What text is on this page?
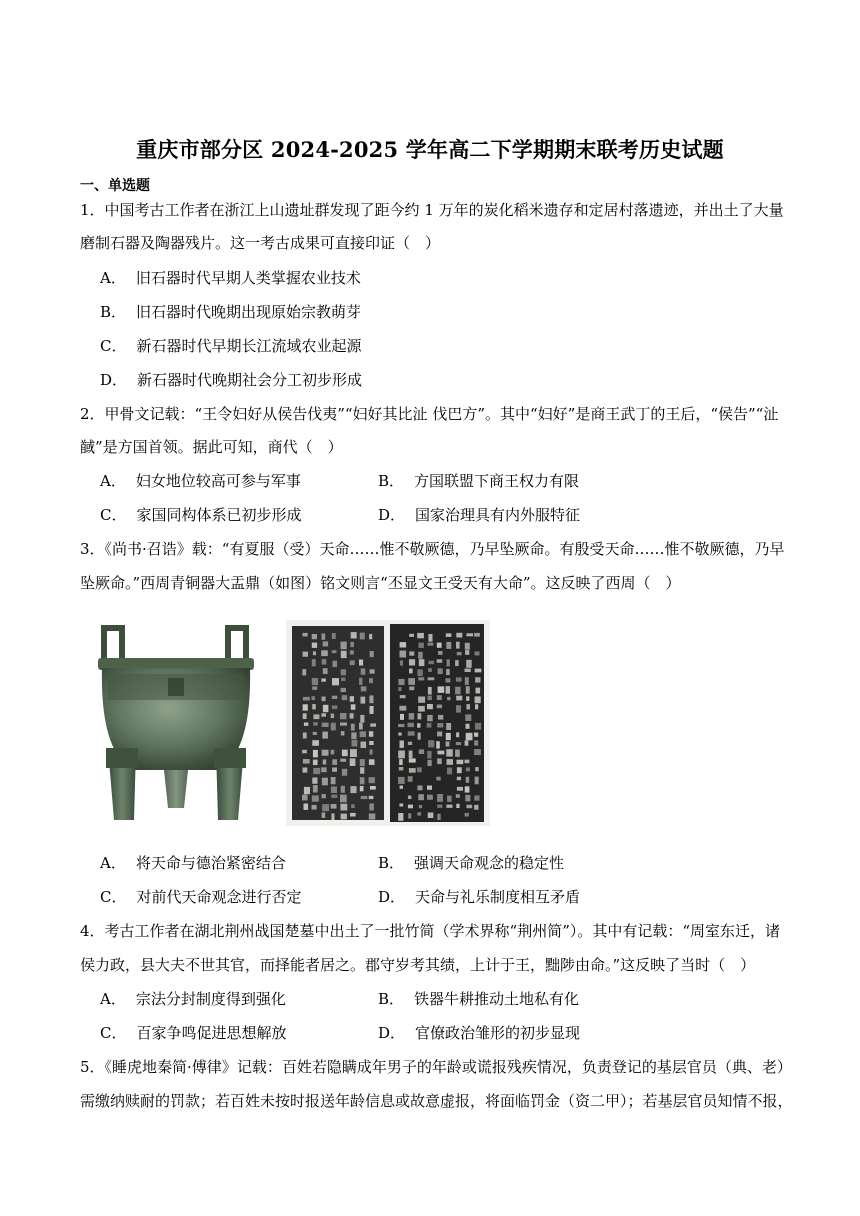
重庆市部分区 2024-2025 学年高二下学期期末联考历史试题
一、单选题
1．中国考古工作者在浙江上山遗址群发现了距今约 1 万年的炭化稻米遗存和定居村落遗迹，并出土了大量
磨制石器及陶器残片。这一考古成果可直接印证（　）
A． 旧石器时代早期人类掌握农业技术
B． 旧石器时代晚期出现原始宗教萌芽
C． 新石器时代早期长江流域农业起源
D． 新石器时代晚期社会分工初步形成
2．甲骨文记载：“王令妇好从侯告伐夷”“妇好其比沚 伐巴方”。其中“妇好”是商王武丁的王后，“侯告”“沚
馘”是方国首领。据此可知，商代（　）
A． 妇女地位较高可参与军事	B． 方国联盟下商王权力有限
C． 家国同构体系已初步形成	D． 国家治理具有内外服特征
3．《尚书·召诰》载：“有夏服（受）天命……惟不敬厥德，乃早坠厥命。有殷受天命……惟不敬厥德，乃早
坠厥命。”西周青铜器大盂鼎（如图）铭文则言“丕显文王受天有大命”。这反映了西周（　）
A． 将天命与德治紧密结合	B． 强调天命观念的稳定性
C． 对前代天命观念进行否定	D． 天命与礼乐制度相互矛盾
4．考古工作者在湖北荆州战国楚墓中出土了一批竹简（学术界称“荆州简”）。其中有记载：“周室东迁，诸
侯力政，县大夫不世其官，而择能者居之。郡守岁考其绩，上计于王，黜陟由命。”这反映了当时（　）
A． 宗法分封制度得到强化	B． 铁器牛耕推动土地私有化
C． 百家争鸣促进思想解放	D． 官僚政治雏形的初步显现
5．《睡虎地秦简·傅律》记载：百姓若隐瞒成年男子的年龄或谎报残疾情况，负责登记的基层官员（典、老）
需缴纳赎耐的罚款；若百姓未按时报送年龄信息或故意虚报，将面临罚金（资二甲）；若基层官员知情不报，
